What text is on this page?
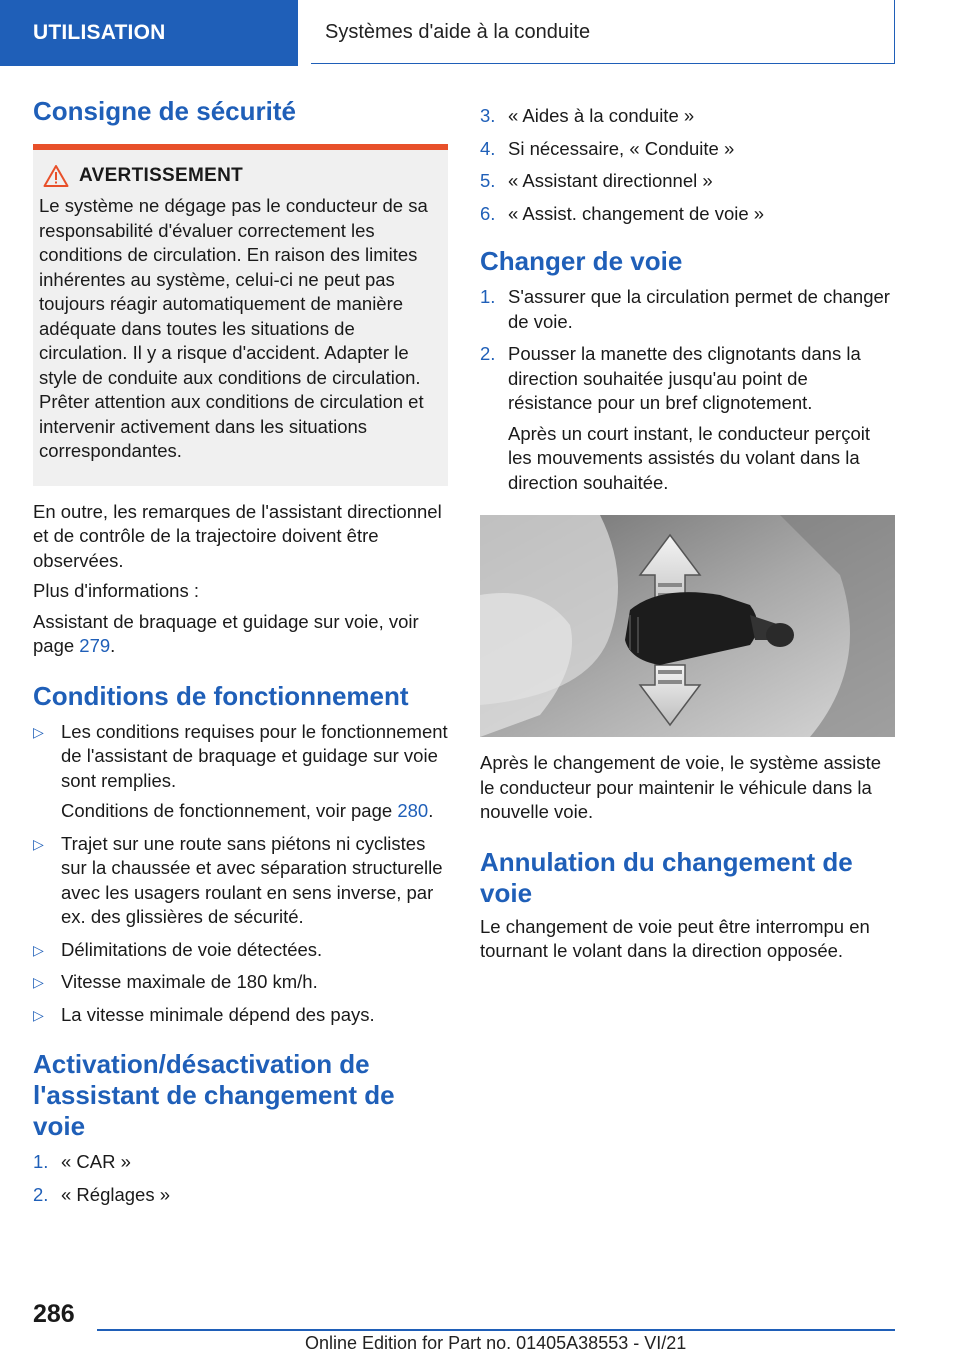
UTILISATION	Systèmes d'aide à la conduite
Consigne de sécurité
AVERTISSEMENT
Le système ne dégage pas le conducteur de sa responsabilité d'évaluer correctement les conditions de circulation. En raison des limites inhérentes au système, celui-ci ne peut pas toujours réagir automatiquement de manière adéquate dans toutes les situations de circulation. Il y a risque d'accident. Adapter le style de conduite aux conditions de circulation. Prêter attention aux conditions de circulation et intervenir activement dans les situations correspondantes.

En outre, les remarques de l'assistant directionnel et de contrôle de la trajectoire doivent être observées.

Plus d'informations :

Assistant de braquage et guidage sur voie, voir page 279.

Conditions de fonctionnement
▷ Les conditions requises pour le fonctionnement de l'assistant de braquage et guidage sur voie sont remplies.
Conditions de fonctionnement, voir page 280.
▷ Trajet sur une route sans piétons ni cyclistes sur la chaussée et avec séparation structurelle avec les usagers roulant en sens inverse, par ex. des glissières de sécurité.
▷ Délimitations de voie détectées.
▷ Vitesse maximale de 180 km/h.
▷ La vitesse minimale dépend des pays.
Activation/désactivation de l'assistant de changement de voie
1. « CAR »
2. « Réglages »
3. « Aides à la conduite »
4. Si nécessaire, « Conduite »
5. « Assistant directionnel »
6. « Assist. changement de voie »
Changer de voie
1. S'assurer que la circulation permet de changer de voie.
2. Pousser la manette des clignotants dans la direction souhaitée jusqu'au point de résistance pour un bref clignotement.
Après un court instant, le conducteur perçoit les mouvements assistés du volant dans la direction souhaitée.

Après le changement de voie, le système assiste le conducteur pour maintenir le véhicule dans la nouvelle voie.

Annulation du changement de voie

Le changement de voie peut être interrompu en tournant le volant dans la direction opposée.

286
Online Edition for Part no. 01405A38553 - VI/21
